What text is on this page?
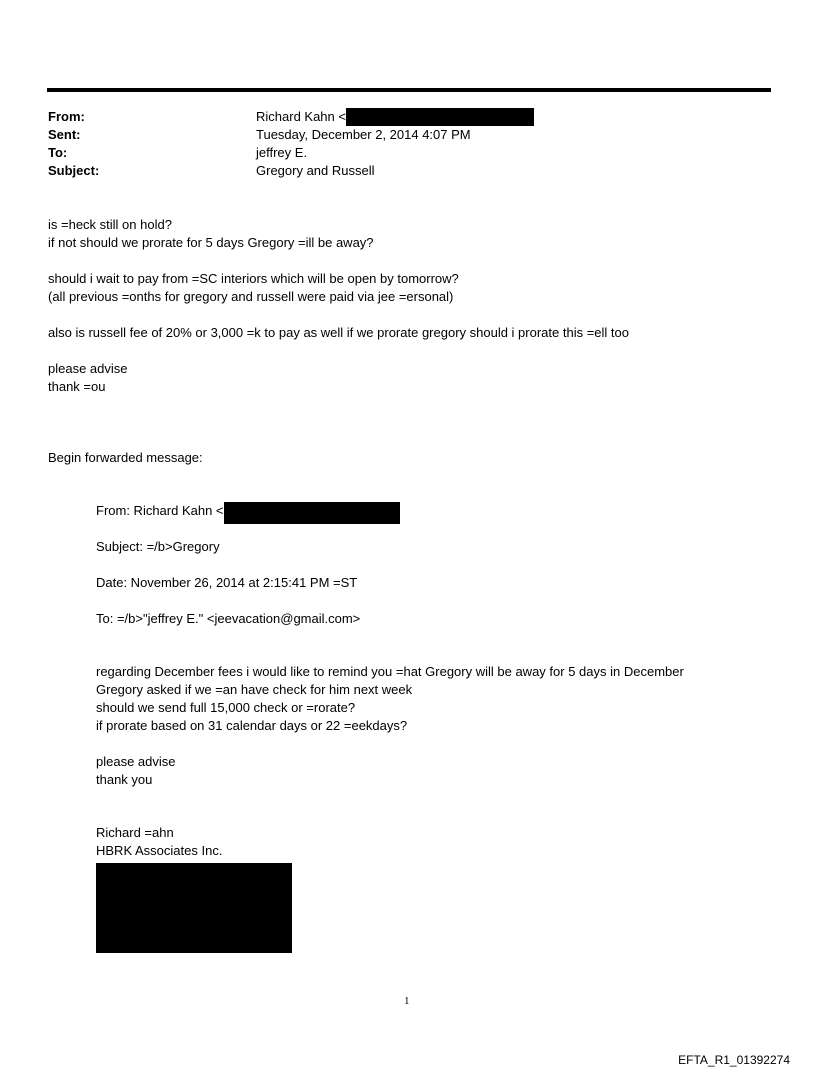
From:	Richard Kahn <
Sent:	Tuesday, December 2, 2014 4:07 PM
To:	jeffrey E.
Subject:	Gregory and Russell
is =heck still on hold?
if not should we prorate for 5 days Gregory =ill be away?
should i wait to pay from =SC interiors which will be open by tomorrow?
(all previous =onths for gregory and russell were paid via jee =ersonal)
also is russell fee of 20% or 3,000 =k to pay as well if we prorate gregory should i prorate this =ell too
please advise
thank =ou
Begin forwarded message:
From: Richard Kahn <
Subject: =/b>Gregory
Date: November 26, 2014 at 2:15:41 PM =ST
To: =/b>"jeffrey E." <jeevacation@gmail.com>
regarding December fees i would like to remind you =hat Gregory will be away for 5 days in December
Gregory asked if we =an have check for him next week
should we send full 15,000 check or =rorate?
if prorate based on 31 calendar days or 22 =eekdays?
please advise
thank you
Richard =ahn
HBRK Associates Inc.
1
EFTA_R1_01392274
